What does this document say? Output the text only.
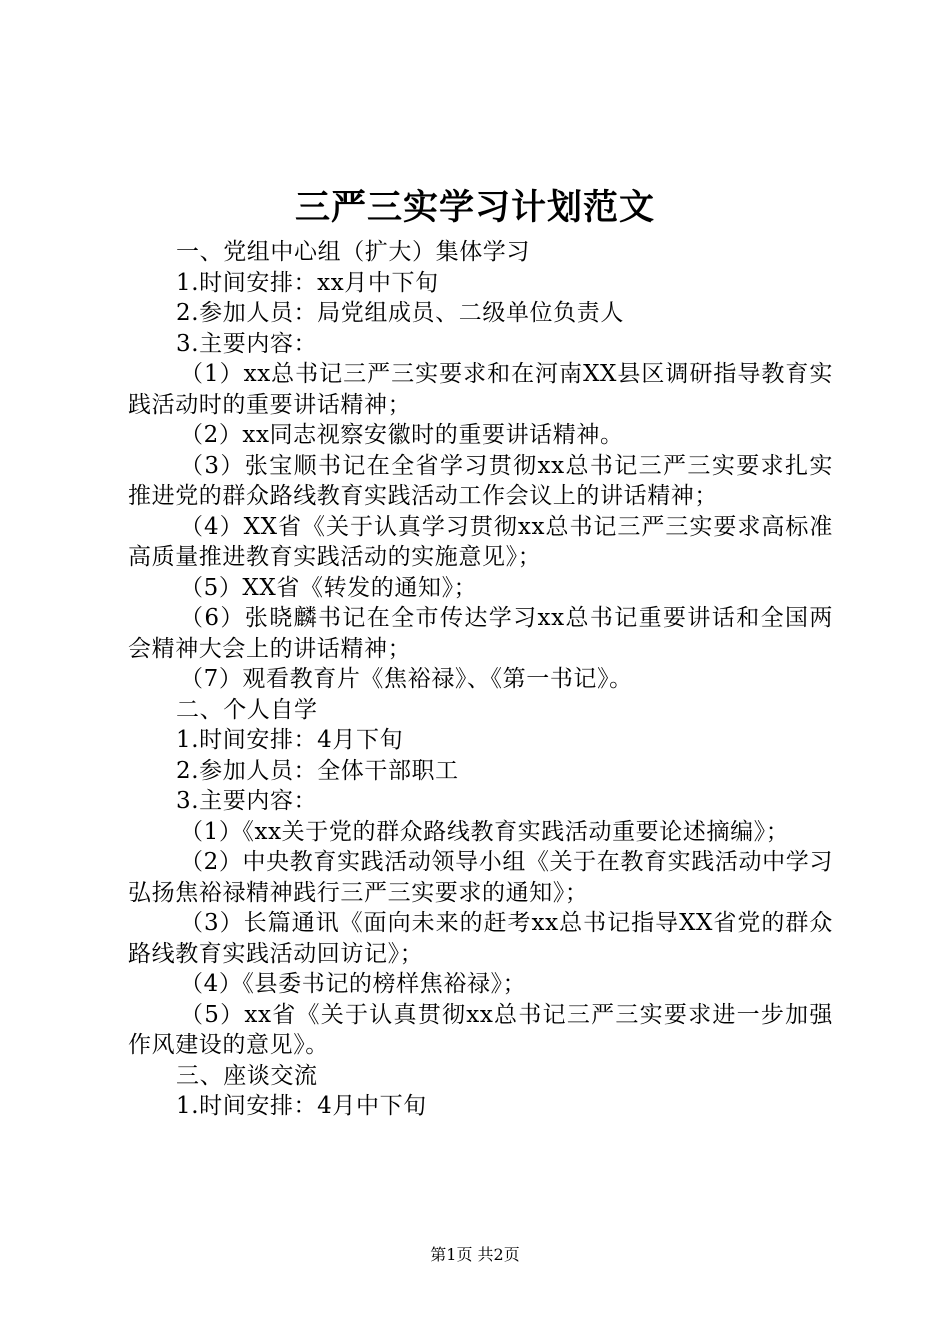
三严三实学习计划范文

一、党组中心组（扩大）集体学习

1.时间安排：xx月中下旬

2.参加人员：局党组成员、二级单位负责人

3.主要内容：

（1）xx总书记三严三实要求和在河南XX县区调研指导教育实践活动时的重要讲话精神；

（2）xx同志视察安徽时的重要讲话精神。

（3）张宝顺书记在全省学习贯彻xx总书记三严三实要求扎实推进党的群众路线教育实践活动工作会议上的讲话精神；

（4）XX省《关于认真学习贯彻xx总书记三严三实要求高标准高质量推进教育实践活动的实施意见》；

（5）XX省《转发的通知》；

（6）张晓麟书记在全市传达学习xx总书记重要讲话和全国两会精神大会上的讲话精神；

（7）观看教育片《焦裕禄》、《第一书记》。

二、个人自学

1.时间安排：4月下旬

2.参加人员：全体干部职工

3.主要内容：

（1）《xx关于党的群众路线教育实践活动重要论述摘编》；

（2）中央教育实践活动领导小组《关于在教育实践活动中学习弘扬焦裕禄精神践行三严三实要求的通知》；

（3）长篇通讯《面向未来的赶考xx总书记指导XX省党的群众路线教育实践活动回访记》；

（4）《县委书记的榜样焦裕禄》；

（5）xx省《关于认真贯彻xx总书记三严三实要求进一步加强作风建设的意见》。

三、座谈交流

1.时间安排：4月中下旬

第1页 共2页
